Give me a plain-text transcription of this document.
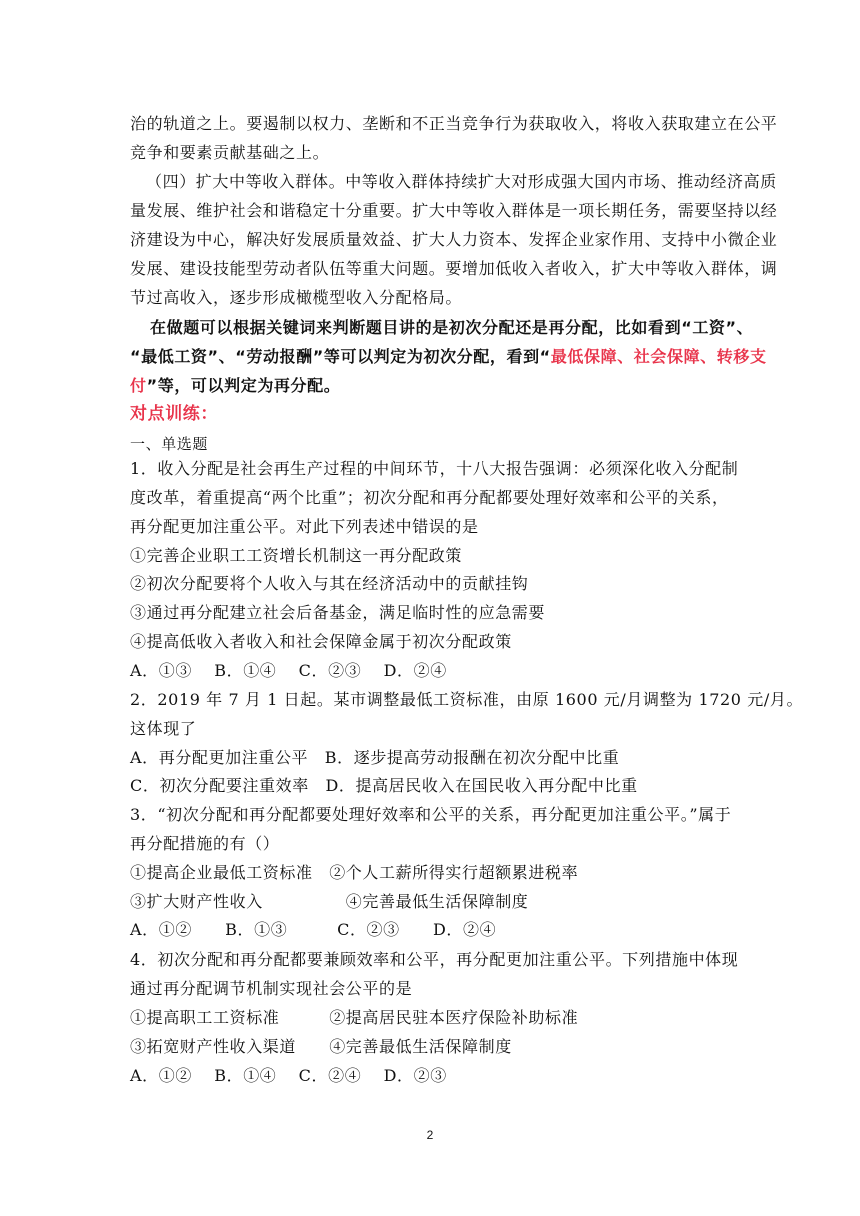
治的轨道之上。要遏制以权力、垄断和不正当竞争行为获取收入，将收入获取建立在公平
竞争和要素贡献基础之上。
（四）扩大中等收入群体。中等收入群体持续扩大对形成强大国内市场、推动经济高质
量发展、维护社会和谐稳定十分重要。扩大中等收入群体是一项长期任务，需要坚持以经
济建设为中心，解决好发展质量效益、扩大人力资本、发挥企业家作用、支持中小微企业
发展、建设技能型劳动者队伍等重大问题。要增加低收入者收入，扩大中等收入群体，调
节过高收入，逐步形成橄榄型收入分配格局。
在做题可以根据关键词来判断题目讲的是初次分配还是再分配，比如看到“工资”、
“最低工资”、“劳动报酬”等可以判定为初次分配，看到“最低保障、社会保障、转移支
付”等，可以判定为再分配。
对点训练：
一、单选题
1．收入分配是社会再生产过程的中间环节，十八大报告强调：必须深化收入分配制
度改革，着重提高“两个比重”；初次分配和再分配都要处理好效率和公平的关系，
再分配更加注重公平。对此下列表述中错误的是
①完善企业职工工资增长机制这一再分配政策
②初次分配要将个人收入与其在经济活动中的贡献挂钩
③通过再分配建立社会后备基金，满足临时性的应急需要
④提高低收入者收入和社会保障金属于初次分配政策
A．①③　 B．①④　 C．②③　 D．②④
2．2019 年 7 月 1 日起。某市调整最低工资标准，由原 1600 元/月调整为 1720 元/月。
这体现了
A．再分配更加注重公平　B．逐步提高劳动报酬在初次分配中比重
C．初次分配要注重效率　D．提高居民收入在国民收入再分配中比重
3．“初次分配和再分配都要处理好效率和公平的关系，再分配更加注重公平。”属于
再分配措施的有（）
①提高企业最低工资标准　②个人工薪所得实行超额累进税率
③扩大财产性收入　　　　　④完善最低生活保障制度
A．①②　　B．①③　　　C．②③　　D．②④
4．初次分配和再分配都要兼顾效率和公平，再分配更加注重公平。下列措施中体现
通过再分配调节机制实现社会公平的是
①提高职工工资标准　　　②提高居民驻本医疗保险补助标准
③拓宽财产性收入渠道　　④完善最低生活保障制度
A．①②　 B．①④　 C．②④　 D．②③
2
